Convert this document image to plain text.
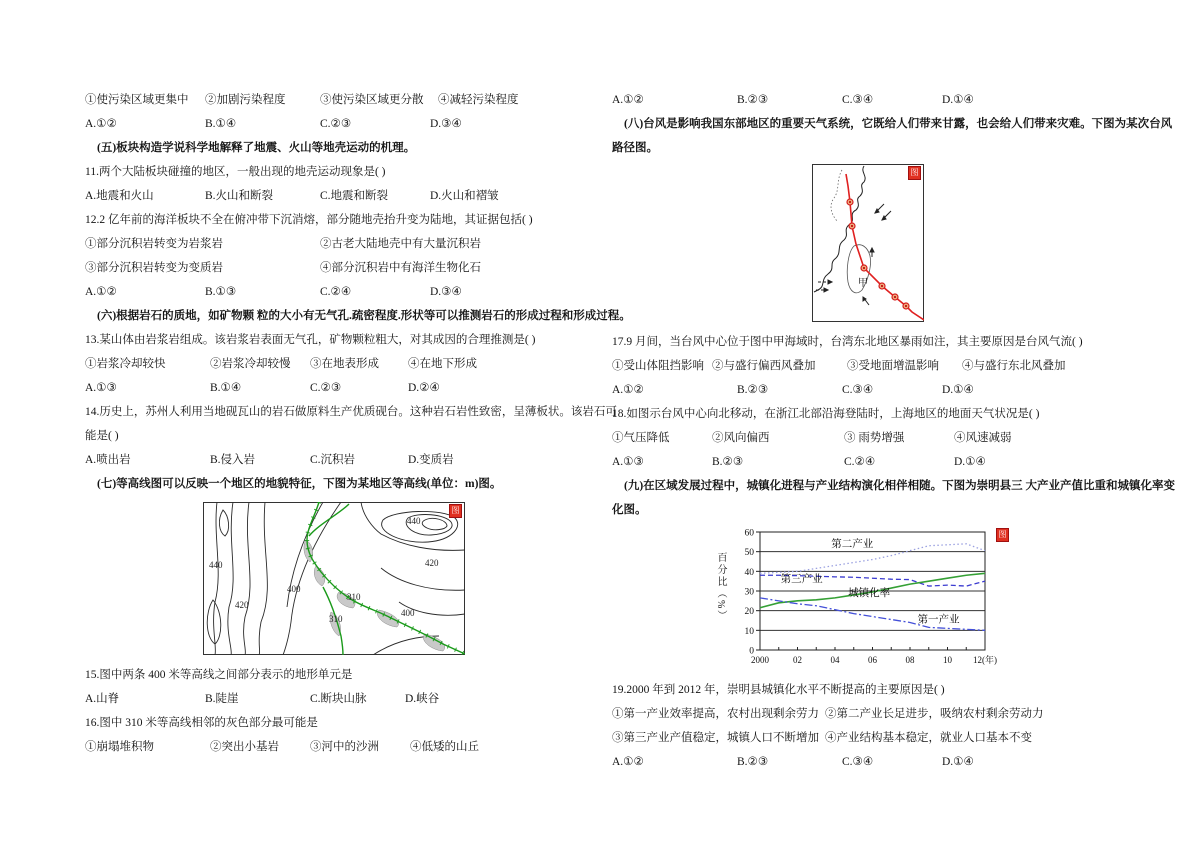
①使污染区域更集中 ②加剧污染程度	③使污染区域更分散 ④减轻污染程度
A.①②	B.①④	C.②③	D.③④
(五)板块构造学说科学地解释了地震、火山等地壳运动的机理。
11.两个大陆板块碰撞的地区，一般出现的地壳运动现象是( )
A.地震和火山	B.火山和断裂	C.地震和断裂	D.火山和褶皱
12.2 亿年前的海洋板块不全在俯冲带下沉消熔，部分随地壳抬升变为陆地，其证据包括( )
①部分沉积岩转变为岩浆岩	②古老大陆地壳中有大量沉积岩
③部分沉积岩转变为变质岩	④部分沉积岩中有海洋生物化石
A.①②	B.①③	C.②④	D.③④
(六)根据岩石的质地，如矿物颗 粒的大小有无气孔.疏密程度.形状等可以推测岩石的形成过程和形成过程。
13.某山体由岩浆岩组成。该岩浆岩表面无气孔，矿物颗粒粗大，对其成因的合理推测是( )
①岩浆冷却较快	②岩浆冷却较慢 ③在地表形成	④在地下形成
A.①③	B.①④	C.②③	D.②④
14.历史上，苏州人利用当地砚瓦山的岩石做原料生产优质砚台。这种岩石岩性致密，呈薄板状。该岩石可能是( )
A.喷出岩	B.侵入岩	C.沉积岩	D.变质岩
(七)等高线图可以反映一个地区的地貌特征，下图为某地区等高线(单位：m)图。
440
420
400
310
310
400
440
420
图
15.图中两条 400 米等高线之间部分表示的地形单元是
A.山脊	B.陡崖	C.断块山脉	D.峡谷
16.图中 310 米等高线相邻的灰色部分最可能是
①崩塌堆积物	②突出小基岩	③河中的沙洲	④低矮的山丘
A.①②	B.②③	C.③④	D.①④
(八)台风是影响我国东部地区的重要天气系统，它既给人们带来甘露，也会给人们带来灾难。下图为某次台风路径图。
甲
图
17.9 月间，当台风中心位于图中甲海域时，台湾东北地区暴雨如注，其主要原因是台风气流( )
①受山体阻挡影响 ②与盛行偏西风叠加	③受地面增温影响 ④与盛行东北风叠加
A.①②	B.②③	C.③④	D.①④
18.如图示台风中心向北移动，在浙江北部沿海登陆时，上海地区的地面天气状况是( )
①气压降低	②风向偏西	③ 雨势增强	④风速减弱
A.①③	B.②③	C.②④	D.①④
(九)在区域发展过程中，城镇化进程与产业结构演化相伴相随。下图为崇明县三 大产业产值比重和城镇化率变化图。
百分比（%）
0
10
20
30
40
50
60
2000	02	04	06	08	10 12(年)
第二产业
第三产业
城镇化率
第一产业
图
19.2000 年到 2012 年，崇明县城镇化水平不断提高的主要原因是( )
①第一产业效率提高，农村出现剩余劳力 ②第二产业长足进步，吸纳农村剩余劳动力
③第三产业产值稳定，城镇人口不断增加 ④产业结构基本稳定，就业人口基本不变
A.①②	B.②③	C.③④	D.①④
